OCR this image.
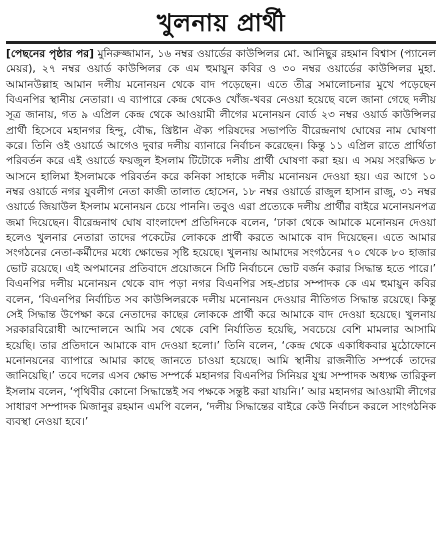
খুলনায় প্রার্থী

[পেছনের পৃষ্ঠার পর] মুনিরুজ্জামান, ১৬ নম্বর ওয়ার্ডের কাউন্সিলর মো. আনিছুর রহমান বিশ্বাস (প্যানেল মেয়র), ২৭ নম্বর ওয়ার্ড কাউন্সিলর কে এম হুমায়ুন কবির ও ৩০ নম্বর ওয়ার্ডের কাউন্সিলর মুহা. আমানউল্লাহ আমান দলীয় মনোনয়ন থেকে বাদ পড়েছেন। এতে তীব্র সমালোচনার মুখে পড়েছেন বিএনপির স্থানীয় নেতারা। এ ব্যাপারে কেন্দ্র থেকেও খোঁজ-খবর নেওয়া হয়েছে বলে জানা গেছে দলীয় সূত্র জানায়, গত ৯ এপ্রিল কেন্দ্র থেকে আওয়ামী লীগের মনোনয়ন বোর্ড ২৩ নম্বর ওয়ার্ড কাউন্সিলর প্রার্থী হিসেবে মহানগর হিন্দু, বৌদ্ধ, খ্রিষ্টান ঐক্য পরিষদের সভাপতি বীরেন্দ্রনাথ ঘোষের নাম ঘোষণা করে। তিনি ওই ওয়ার্ডে আগেও দুবার দলীয় ব্যানারে নির্বাচন করেছেন। কিন্তু ১১ এপ্রিল রাতে প্রার্থিতা পরিবর্তন করে এই ওয়ার্ডে ফয়জুল ইসলাম টিটোকে দলীয় প্রার্থী ঘোষণা করা হয়। এ সময় সংরক্ষিত ৮ আসনে হালিমা ইসলামকে পরিবর্তন করে কনিকা সাহাকে দলীয় মনোনয়ন দেওয়া হয়। এর আগে ১০ নম্বর ওয়ার্ডে নগর যুবলীগ নেতা কাজী তালাত হোসেন, ১৮ নম্বর ওয়ার্ডে রাজুল হাসান রাজু, ৩১ নম্বর ওয়ার্ডে জিয়াউল ইসলাম মনোনয়ন চেয়ে পাননি। তবুও এরা প্রত্যেকে দলীয় প্রার্থীর বাইরে মনোনয়নপত্র জমা দিয়েছেন। বীরেন্দ্রনাথ ঘোষ বাংলাদেশ প্রতিদিনকে বলেন, ‘ঢাকা থেকে আমাকে মনোনয়ন দেওয়া হলেও খুলনার নেতারা তাদের পকেটের লোককে প্রার্থী করতে আমাকে বাদ দিয়েছেন। এতে আমার সংগঠনের নেতা-কর্মীদের মধ্যে ক্ষোভের সৃষ্টি হয়েছে। খুলনায় আমাদের সংগঠনের ৭০ থেকে ৮০ হাজার ভোট রয়েছে। এই অপমানের প্রতিবাদে প্রয়োজনে সিটি নির্বাচনে ভোট বর্জন করার সিদ্ধান্ত হতে পারে।’ বিএনপির দলীয় মনোনয়ন থেকে বাদ পড়া নগর বিএনপির সহ-প্রচার সম্পাদক কে এম হুমায়ুন কবির বলেন, ‘বিএনপির নির্বাচিত সব কাউন্সিলরকে দলীয় মনোনয়ন দেওয়ার নীতিগত সিদ্ধান্ত রয়েছে। কিন্তু সেই সিদ্ধান্ত উপেক্ষা করে নেতাদের কাছের লোককে প্রার্থী করে আমাকে বাদ দেওয়া হয়েছে। খুলনায় সরকারবিরোধী আন্দোলনে আমি সব থেকে বেশি নির্যাতিত হয়েছি, সবচেয়ে বেশি মামলার আসামি হয়েছি। তার প্রতিদানে আমাকে বাদ দেওয়া হলো।’ তিনি বলেন, ‘কেন্দ্র থেকে একাধিকবার মুঠোফোনে মনোনয়নের ব্যাপারে আমার কাছে জানতে চাওয়া হয়েছে। আমি স্থানীয় রাজনীতি সম্পর্কে তাদের জানিয়েছি।’ তবে দলের এসব ক্ষোভ সম্পর্কে মহানগর বিএনপির সিনিয়র যুগ্ম সম্পাদক অধ্যক্ষ তারিকুল ইসলাম বলেন, ‘পৃথিবীর কোনো সিদ্ধান্তেই সব পক্ষকে সন্তুষ্ট করা যায়নি।’ আর মহানগর আওয়ামী লীগের সাধারণ সম্পাদক মিজানুর রহমান এমপি বলেন, ‘দলীয় সিদ্ধান্তের বাইরে কেউ নির্বাচন করলে সাংগঠনিক ব্যবস্থা নেওয়া হবে।’
